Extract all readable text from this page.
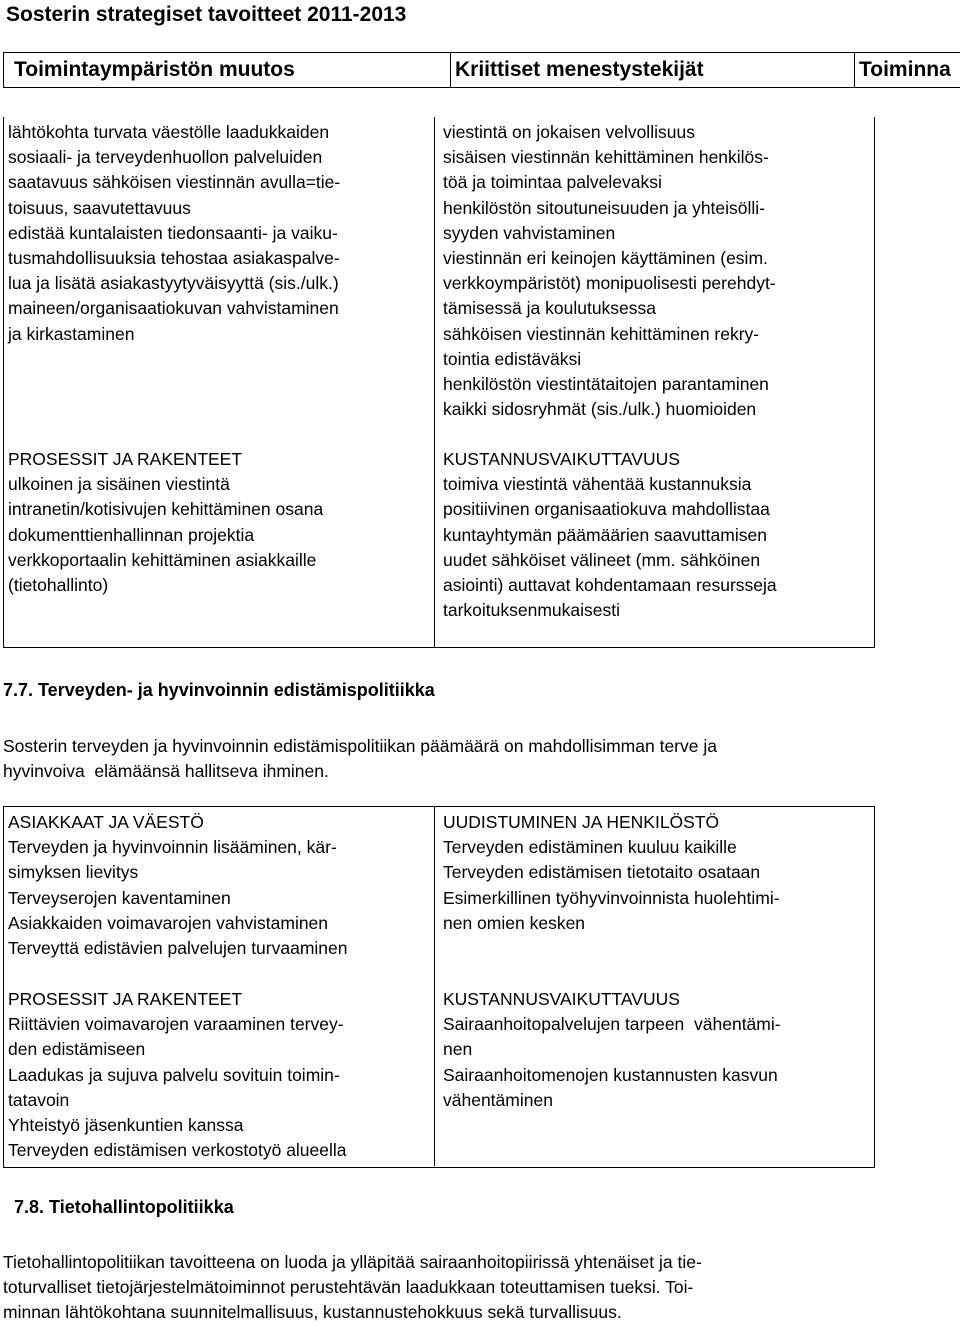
Sosterin strategiset tavoitteet 2011-2013
Toimintaympäristön muutos	Kriittiset menestystekijät	Toiminna
lähtökohta turvata väestölle laadukkaiden
sosiaali- ja terveydenhuollon palveluiden
saatavuus sähköisen viestinnän avulla=tie-
toisuus, saavutettavuus
edistää kuntalaisten tiedonsaanti- ja vaiku-
tusmahdollisuuksia tehostaa asiakaspalve-
lua ja lisätä asiakastyytyväisyyttä (sis./ulk.)
maineen/organisaatiokuvan vahvistaminen
ja kirkastaminen
viestintä on jokaisen velvollisuus
sisäisen viestinnän kehittäminen henkilös-
töä ja toimintaa palvelevaksi
henkilöstön sitoutuneisuuden ja yhteisölli-
syyden vahvistaminen
viestinnän eri keinojen käyttäminen (esim.
verkkoympäristöt) monipuolisesti perehdyt-
tämisessä ja koulutuksessa
sähköisen viestinnän kehittäminen rekry-
tointia edistäväksi
henkilöstön viestintätaitojen parantaminen
kaikki sidosryhmät (sis./ulk.) huomioiden
PROSESSIT JA RAKENTEET
ulkoinen ja sisäinen viestintä
intranetin/kotisivujen kehittäminen osana
dokumenttienhallinnan projektia
verkkoportaalin kehittäminen asiakkaille
(tietohallinto)
KUSTANNUSVAIKUTTAVUUS
toimiva viestintä vähentää kustannuksia
positiivinen organisaatiokuva mahdollistaa
kuntayhtymän päämäärien saavuttamisen
uudet sähköiset välineet (mm. sähköinen
asiointi) auttavat kohdentamaan resursseja
tarkoituksenmukaisesti
7.7. Terveyden- ja hyvinvoinnin edistämispolitiikka
Sosterin terveyden ja hyvinvoinnin edistämispolitiikan päämäärä on mahdollisimman terve ja
hyvinvoiva  elämäänsä hallitseva ihminen.
ASIAKKAAT JA VÄESTÖ
Terveyden ja hyvinvoinnin lisääminen, kär-
simyksen lievitys
Terveyserojen kaventaminen
Asiakkaiden voimavarojen vahvistaminen
Terveyttä edistävien palvelujen turvaaminen
UUDISTUMINEN JA HENKILÖSTÖ
Terveyden edistäminen kuuluu kaikille
Terveyden edistämisen tietotaito osataan
Esimerkillinen työhyvinvoinnista huolehtimi-
nen omien kesken
PROSESSIT JA RAKENTEET
Riittävien voimavarojen varaaminen tervey-
den edistämiseen
Laadukas ja sujuva palvelu sovituin toimin-
tatavoin
Yhteistyö jäsenkuntien kanssa
Terveyden edistämisen verkostotyö alueella
KUSTANNUSVAIKUTTAVUUS
Sairaanhoitopalvelujen tarpeen  vähentämi-
nen
Sairaanhoitomenojen kustannusten kasvun
vähentäminen
7.8. Tietohallintopolitiikka
Tietohallintopolitiikan tavoitteena on luoda ja ylläpitää sairaanhoitopiirissä yhtenäiset ja tie-
toturvalliset tietojärjestelmätoiminnot perustehtävän laadukkaan toteuttamisen tueksi. Toi-
minnan lähtökohtana suunnitelmallisuus, kustannustehokkuus sekä turvallisuus.
